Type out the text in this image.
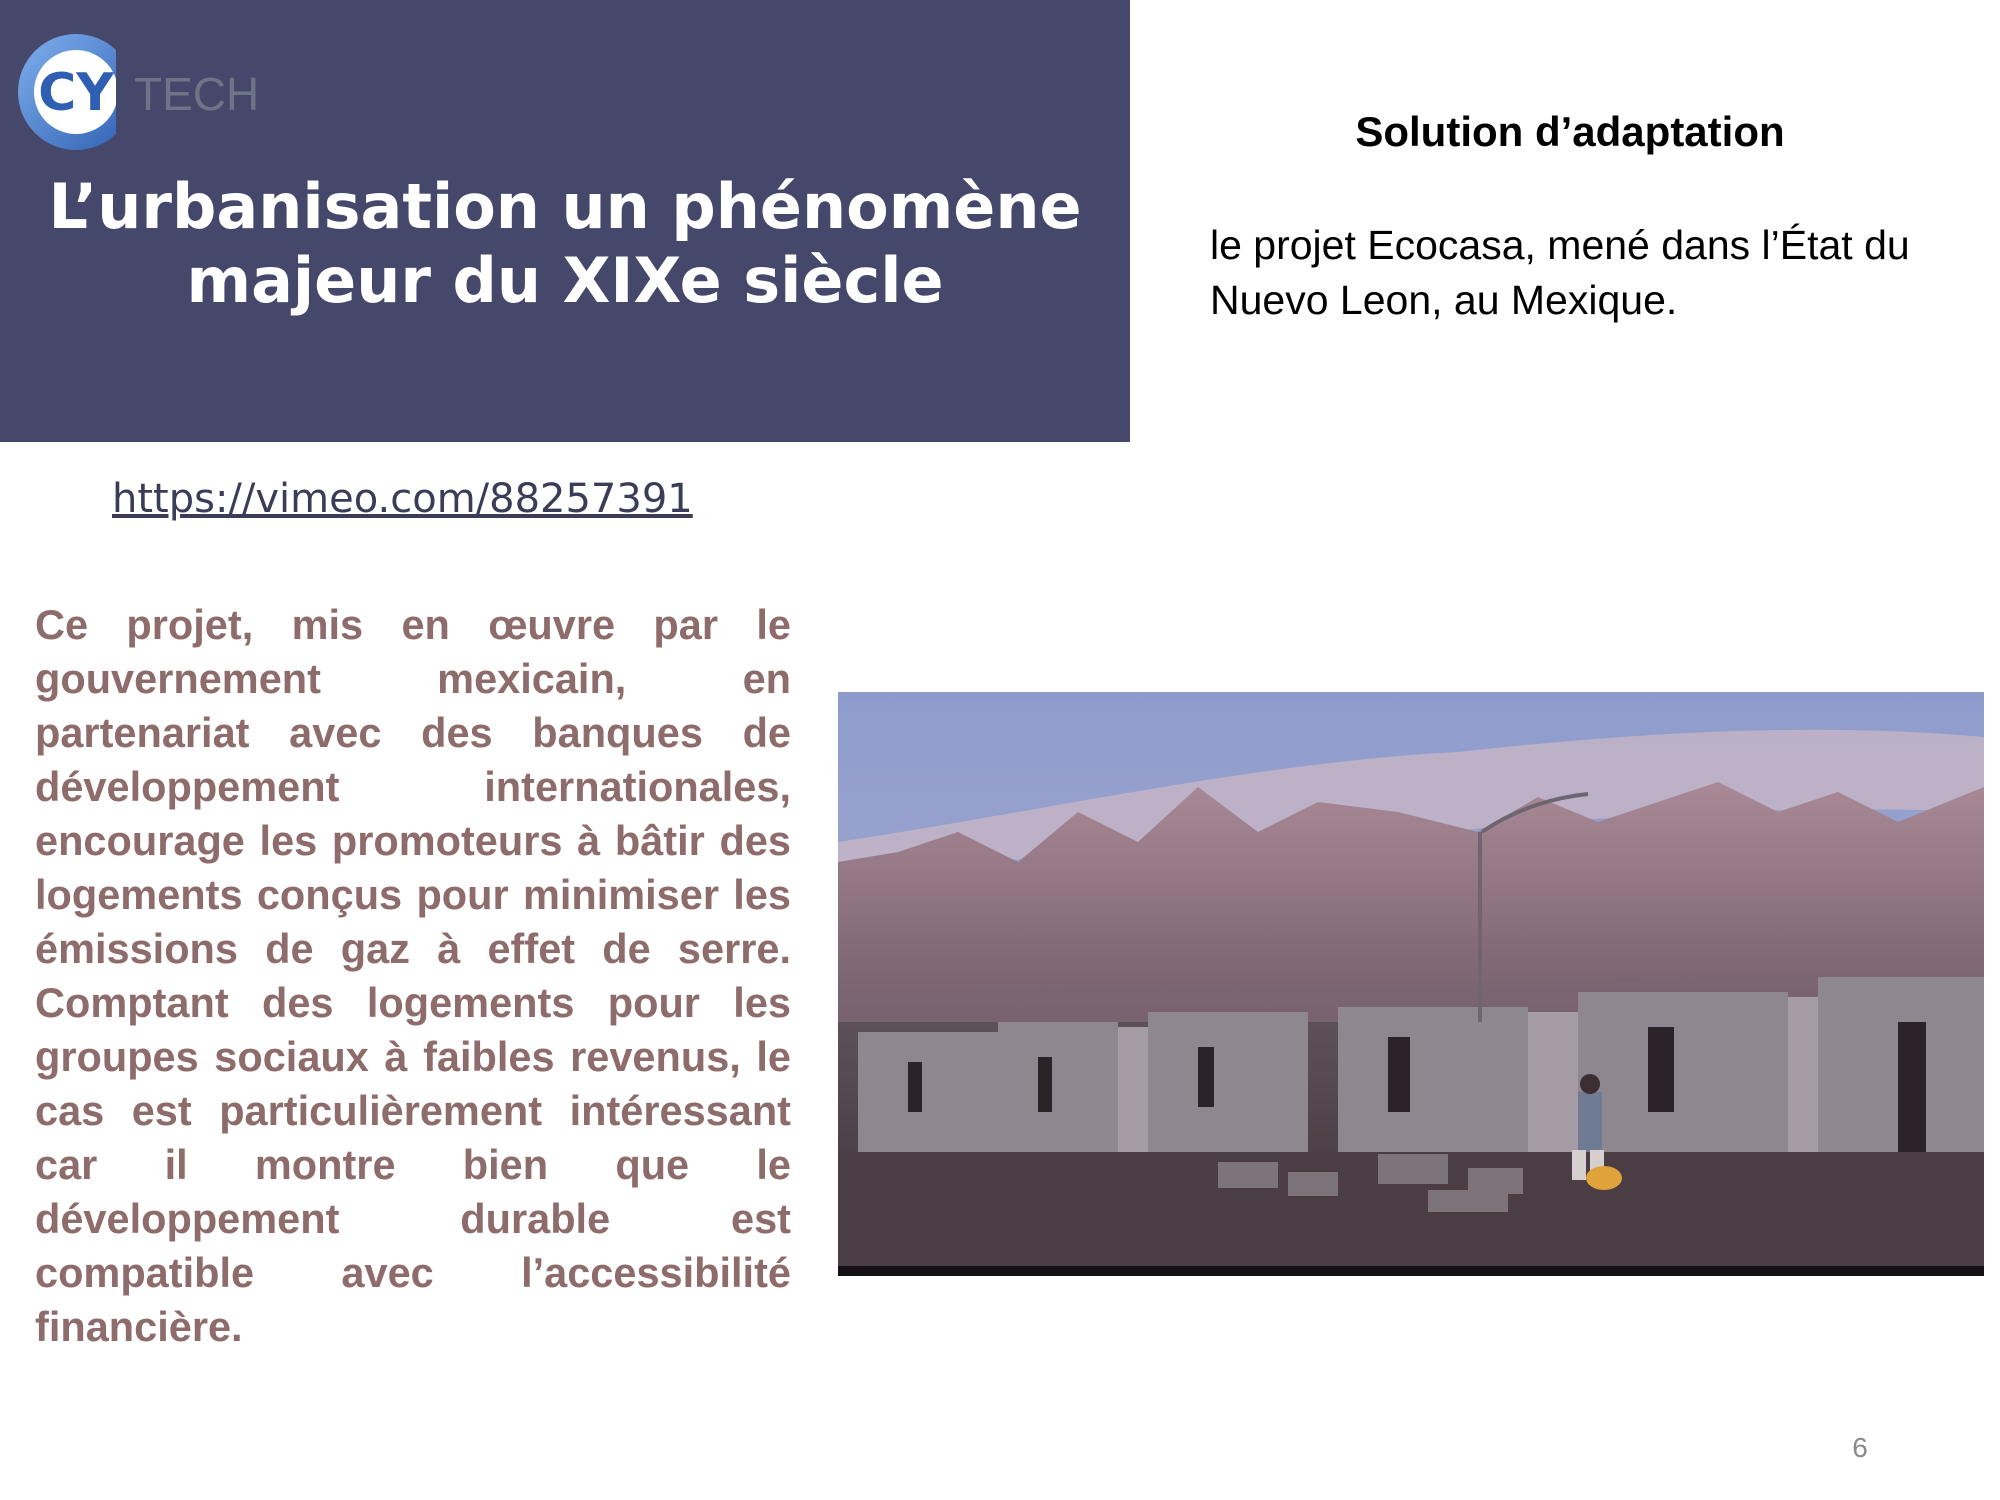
CY TECH
L’urbanisation un phénomène
majeur du XIXe siècle

Solution d’adaptation

le projet Ecocasa, mené dans l’État du Nuevo Leon, au Mexique.

https://vimeo.com/88257391

Ce projet, mis en œuvre par le gouvernement mexicain, en partenariat avec des banques de développement internationales, encourage les promoteurs à bâtir des logements conçus pour minimiser les émissions de gaz à effet de serre. Comptant des logements pour les groupes sociaux à faibles revenus, le cas est particulièrement intéressant car il montre bien que le développement durable est compatible avec l’accessibilité financière.

6
